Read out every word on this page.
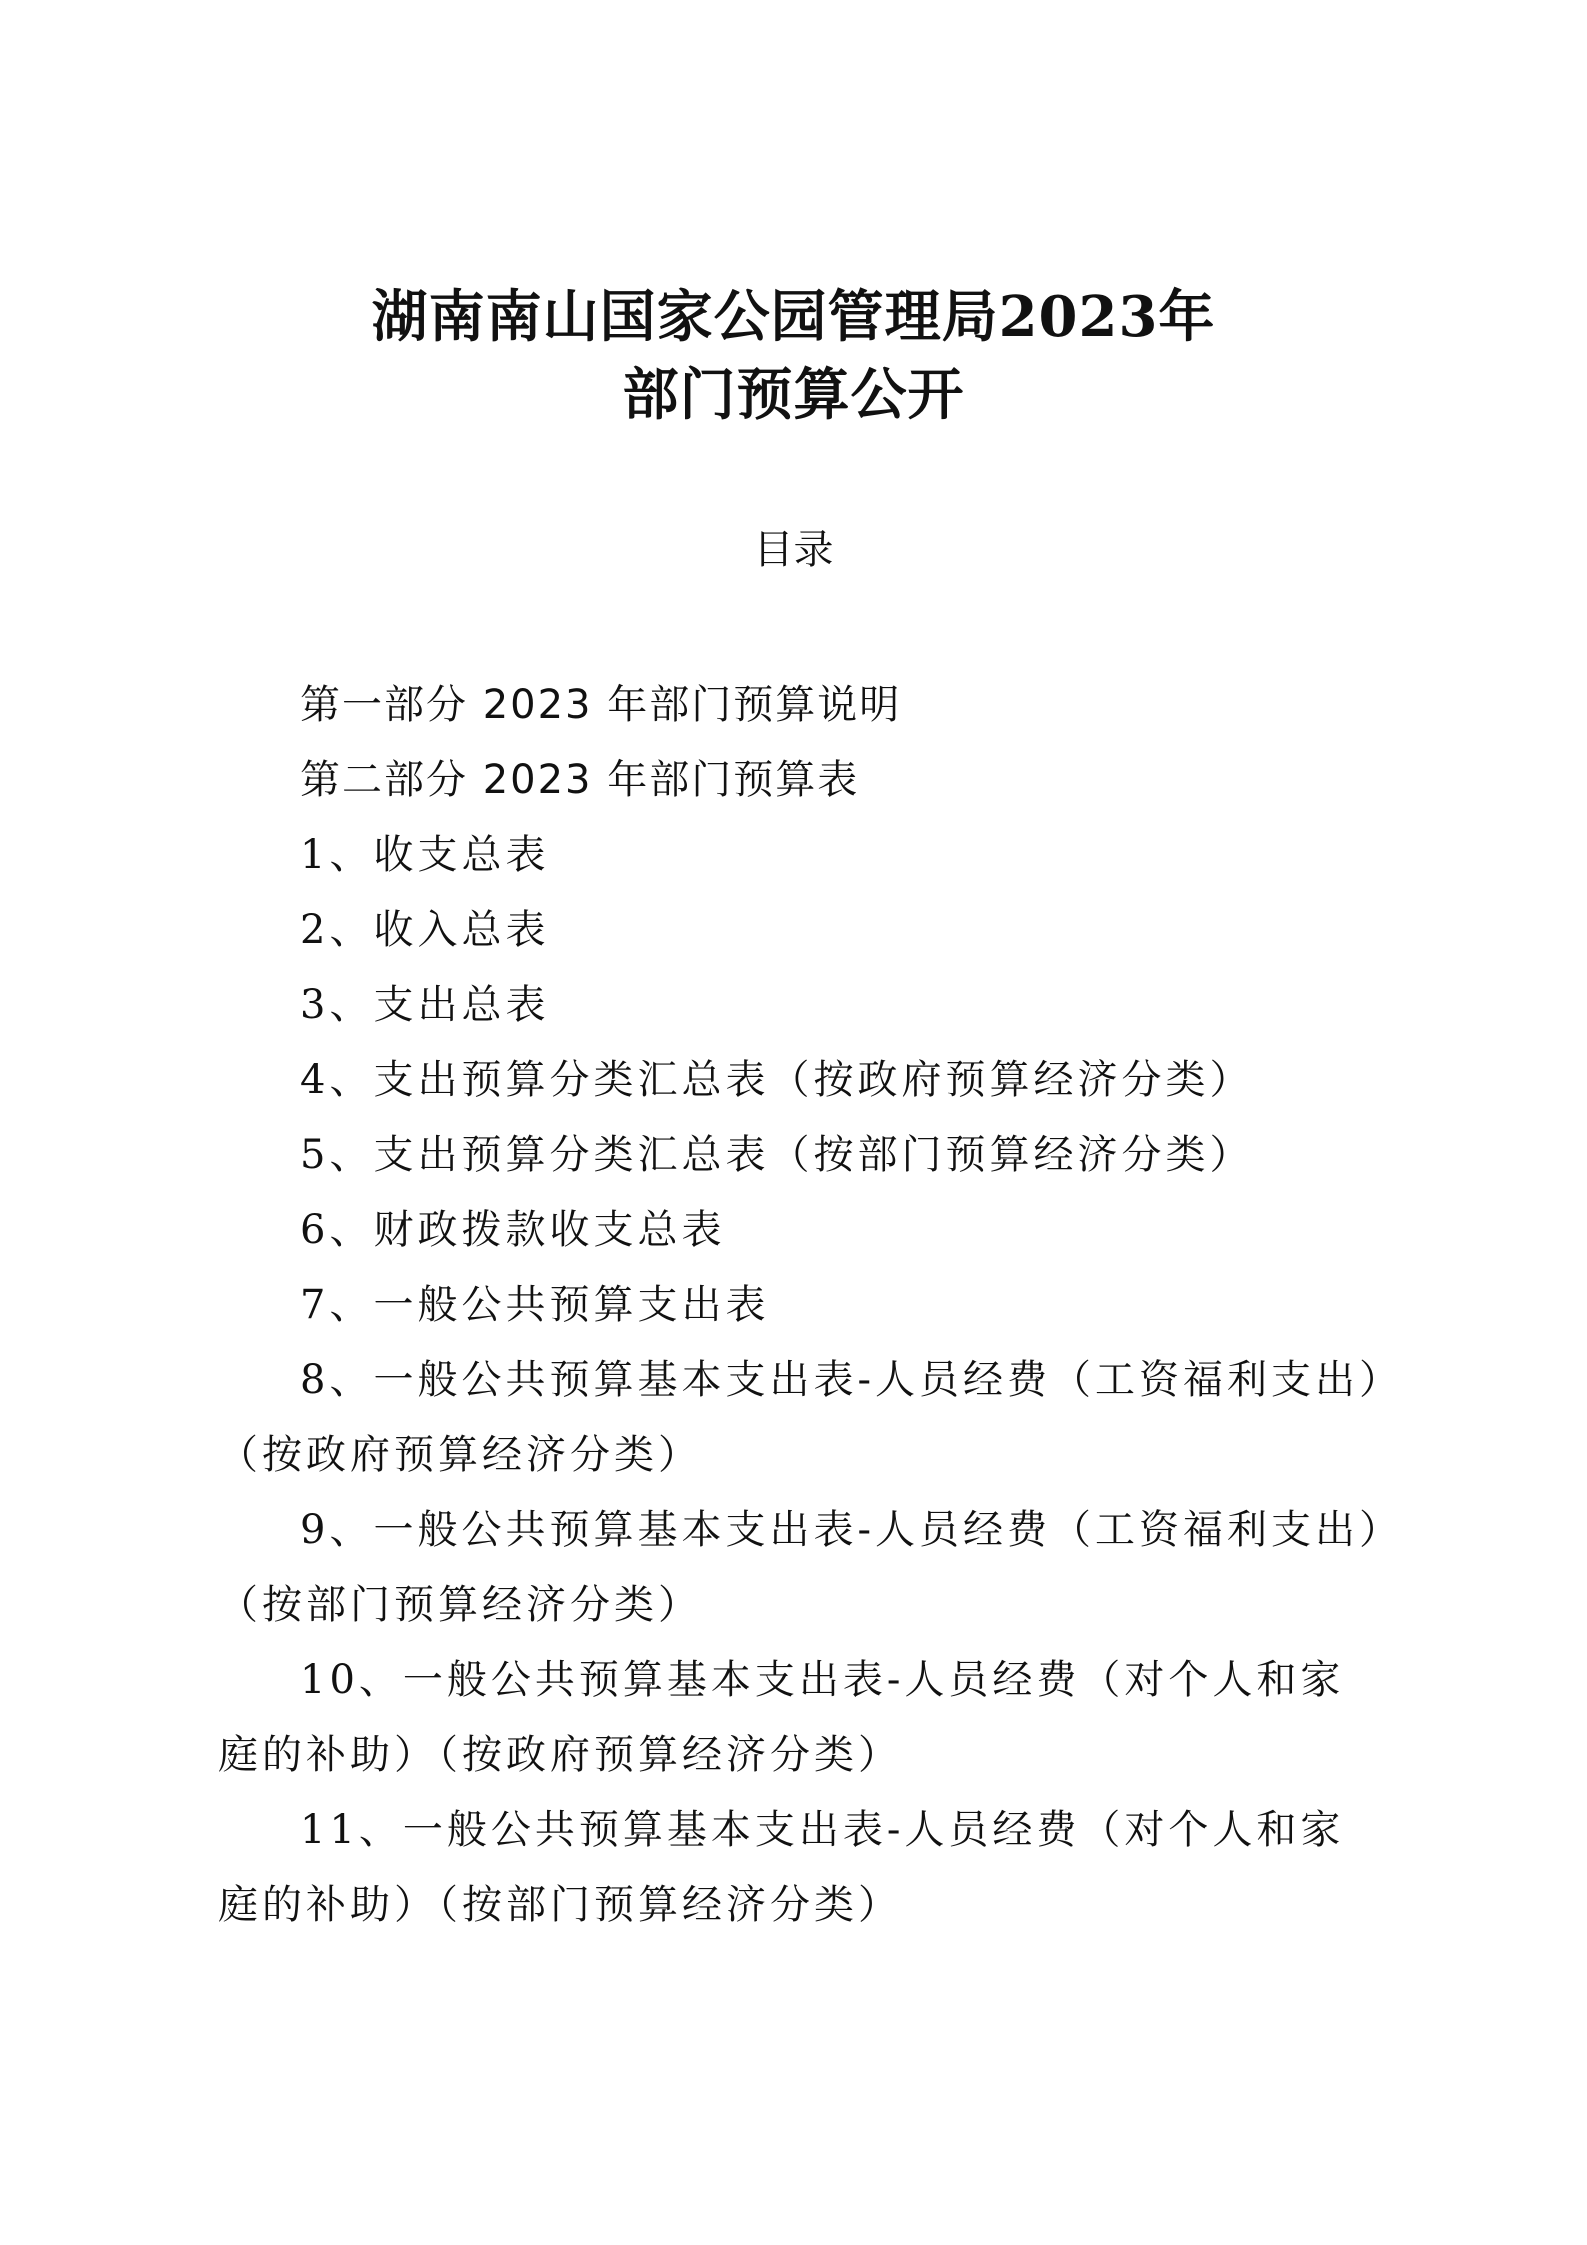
湖南南山国家公园管理局2023年

部门预算公开

目录

第一部分 2023 年部门预算说明
第二部分 2023 年部门预算表
1、收支总表
2、收入总表
3、支出总表
4、支出预算分类汇总表（按政府预算经济分类）
5、支出预算分类汇总表（按部门预算经济分类）
6、财政拨款收支总表
7、一般公共预算支出表
8、一般公共预算基本支出表-人员经费（工资福利支出）（按政府预算经济分类）
9、一般公共预算基本支出表-人员经费（工资福利支出）（按部门预算经济分类）
10、一般公共预算基本支出表-人员经费（对个人和家庭的补助）（按政府预算经济分类）
11、一般公共预算基本支出表-人员经费（对个人和家庭的补助）（按部门预算经济分类）
